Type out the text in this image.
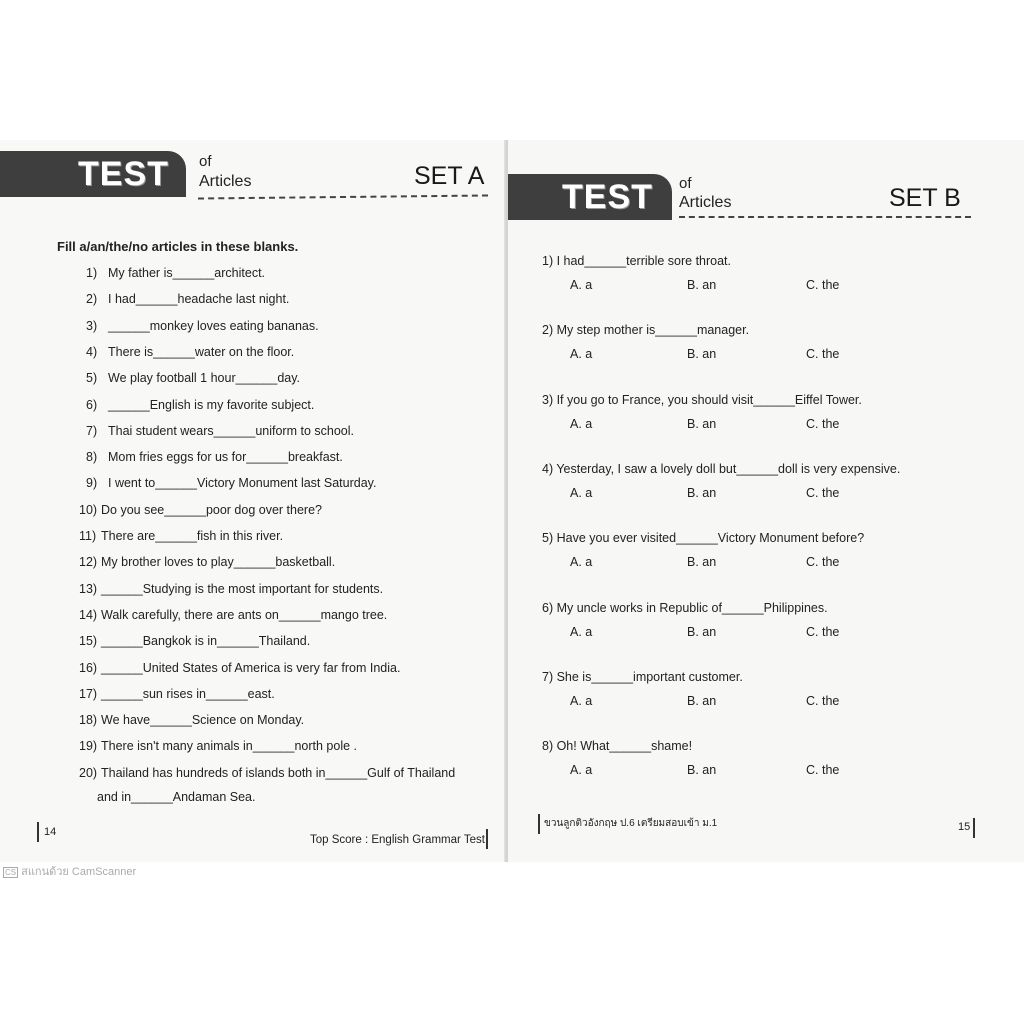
TEST of
Articles	SET A
Fill a/an/the/no articles in these blanks.
1) My father is______architect.
2) I had______headache last night.
3) ______monkey loves eating bananas.
4) There is______water on the floor.
5) We play football 1 hour______day.
6) ______English is my favorite subject.
7) Thai student wears______uniform to school.
8) Mom fries eggs for us for______breakfast.
9) I went to______Victory Monument last Saturday.
10) Do you see______poor dog over there?
11) There are______fish in this river.
12) My brother loves to play______basketball.
13) ______Studying is the most important for students.
14) Walk carefully, there are ants on______mango tree.
15) ______Bangkok is in______Thailand.
16) ______United States of America is very far from India.
17) ______sun rises in______east.
18) We have______Science on Monday.
19) There isn't many animals in______north pole .
20) Thailand has hundreds of islands both in______Gulf of Thailand
and in______Andaman Sea.
14
Top Score : English Grammar Test
TEST of
Articles	SET B
1) I had______terrible sore throat.
A. a	B. an	C. the
2) My step mother is______manager.
A. a	B. an	C. the
3) If you go to France, you should visit______Eiffel Tower.
A. a	B. an	C. the
4) Yesterday, I saw a lovely doll but______doll is very expensive.
A. a	B. an	C. the
5) Have you ever visited______Victory Monument before?
A. a	B. an	C. the
6) My uncle works in Republic of______Philippines.
A. a	B. an	C. the
7) She is______important customer.
A. a	B. an	C. the
8) Oh! What______shame!
A. a	B. an	C. the
ขวนลูกติวอังกฤษ ป.6 เตรียมสอบเข้า ม.1	15
CS สแกนด้วย CamScanner
